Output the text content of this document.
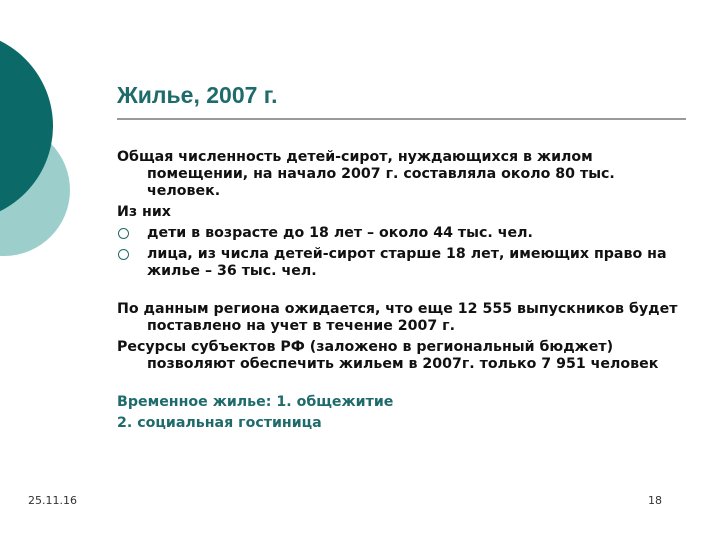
Жилье, 2007 г.

Общая численность детей-сирот, нуждающихся в жилом помещении, на начало 2007 г. составляла около 80 тыс. человек.

Из них

дети в возрасте до 18 лет – около 44 тыс. чел.
лица, из числа детей-сирот старше 18 лет, имеющих право на жилье – 36 тыс. чел.

По данным региона ожидается, что еще 12 555 выпускников будет поставлено на учет в течение 2007 г.

Ресурсы субъектов РФ (заложено в региональный бюджет) позволяют обеспечить жильем в 2007г. только 7 951 человек

Временное жилье: 1. общежитие

2. социальная гостиница

25.11.16	18
